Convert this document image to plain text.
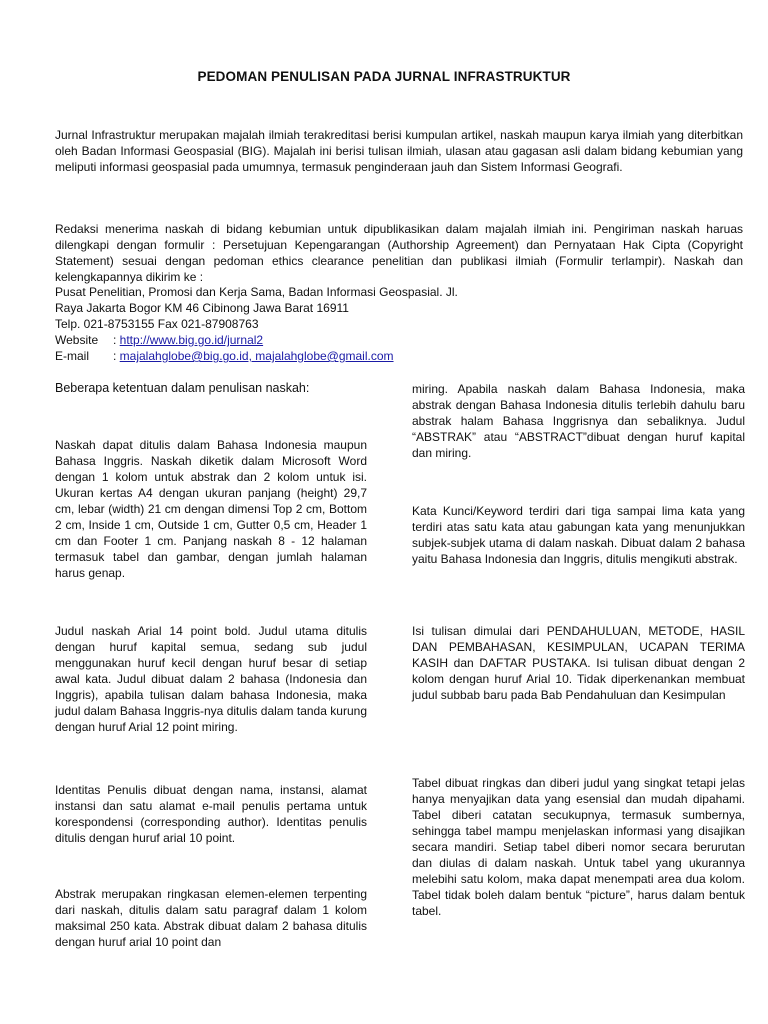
PEDOMAN PENULISAN PADA JURNAL INFRASTRUKTUR

Jurnal Infrastruktur merupakan majalah ilmiah terakreditasi berisi kumpulan artikel, naskah maupun karya ilmiah yang diterbitkan oleh Badan Informasi Geospasial (BIG). Majalah ini berisi tulisan ilmiah, ulasan atau gagasan asli dalam bidang kebumian yang meliputi informasi geospasial pada umumnya, termasuk penginderaan jauh dan Sistem Informasi Geografi.

Redaksi menerima naskah di bidang kebumian untuk dipublikasikan dalam majalah ilmiah ini. Pengiriman naskah haruas dilengkapi dengan formulir : Persetujuan Kepengarangan (Authorship Agreement) dan Pernyataan Hak Cipta (Copyright Statement) sesuai dengan pedoman ethics clearance penelitian dan publikasi ilmiah (Formulir terlampir). Naskah dan kelengkapannya dikirim ke :

Pusat Penelitian, Promosi dan Kerja Sama, Badan Informasi Geospasial. Jl.
Raya Jakarta Bogor KM 46 Cibinong Jawa Barat 16911
Telp. 021-8753155 Fax 021-87908763
Website : http://www.big.go.id/jurnal2
E-mail : majalahglobe@big.go.id, majalahglobe@gmail.com

Beberapa ketentuan dalam penulisan naskah:

Naskah dapat ditulis dalam Bahasa Indonesia maupun Bahasa Inggris. Naskah diketik dalam Microsoft Word dengan 1 kolom untuk abstrak dan 2 kolom untuk isi. Ukuran kertas A4 dengan ukuran panjang (height) 29,7 cm, lebar (width) 21 cm dengan dimensi Top 2 cm, Bottom 2 cm, Inside 1 cm, Outside 1 cm, Gutter 0,5 cm, Header 1 cm dan Footer 1 cm. Panjang naskah 8 - 12 halaman termasuk tabel dan gambar, dengan jumlah halaman harus genap.

Judul naskah Arial 14 point bold. Judul utama ditulis dengan huruf kapital semua, sedang sub judul menggunakan huruf kecil dengan huruf besar di setiap awal kata. Judul dibuat dalam 2 bahasa (Indonesia dan Inggris), apabila tulisan dalam bahasa Indonesia, maka judul dalam Bahasa Inggris-nya ditulis dalam tanda kurung dengan huruf Arial 12 point miring.

Identitas Penulis dibuat dengan nama, instansi, alamat instansi dan satu alamat e-mail penulis pertama untuk korespondensi (corresponding author). Identitas penulis ditulis dengan huruf arial 10 point.

Abstrak merupakan ringkasan elemen-elemen terpenting dari naskah, ditulis dalam satu paragraf dalam 1 kolom maksimal 250 kata. Abstrak dibuat dalam 2 bahasa ditulis dengan huruf arial 10 point dan

miring. Apabila naskah dalam Bahasa Indonesia, maka abstrak dengan Bahasa Indonesia ditulis terlebih dahulu baru abstrak halam Bahasa Inggrisnya dan sebaliknya. Judul “ABSTRAK” atau “ABSTRACT”dibuat dengan huruf kapital dan miring.

Kata Kunci/Keyword terdiri dari tiga sampai lima kata yang terdiri atas satu kata atau gabungan kata yang menunjukkan subjek-subjek utama di dalam naskah. Dibuat dalam 2 bahasa yaitu Bahasa Indonesia dan Inggris, ditulis mengikuti abstrak.

Isi tulisan dimulai dari PENDAHULUAN, METODE, HASIL DAN PEMBAHASAN, KESIMPULAN, UCAPAN TERIMA KASIH dan DAFTAR PUSTAKA. Isi tulisan dibuat dengan 2 kolom dengan huruf Arial 10. Tidak diperkenankan membuat judul subbab baru pada Bab Pendahuluan dan Kesimpulan

Tabel dibuat ringkas dan diberi judul yang singkat tetapi jelas hanya menyajikan data yang esensial dan mudah dipahami. Tabel diberi catatan secukupnya, termasuk sumbernya, sehingga tabel mampu menjelaskan informasi yang disajikan secara mandiri. Setiap tabel diberi nomor secara berurutan dan diulas di dalam naskah. Untuk tabel yang ukurannya melebihi satu kolom, maka dapat menempati area dua kolom. Tabel tidak boleh dalam bentuk “picture”, harus dalam bentuk tabel.
